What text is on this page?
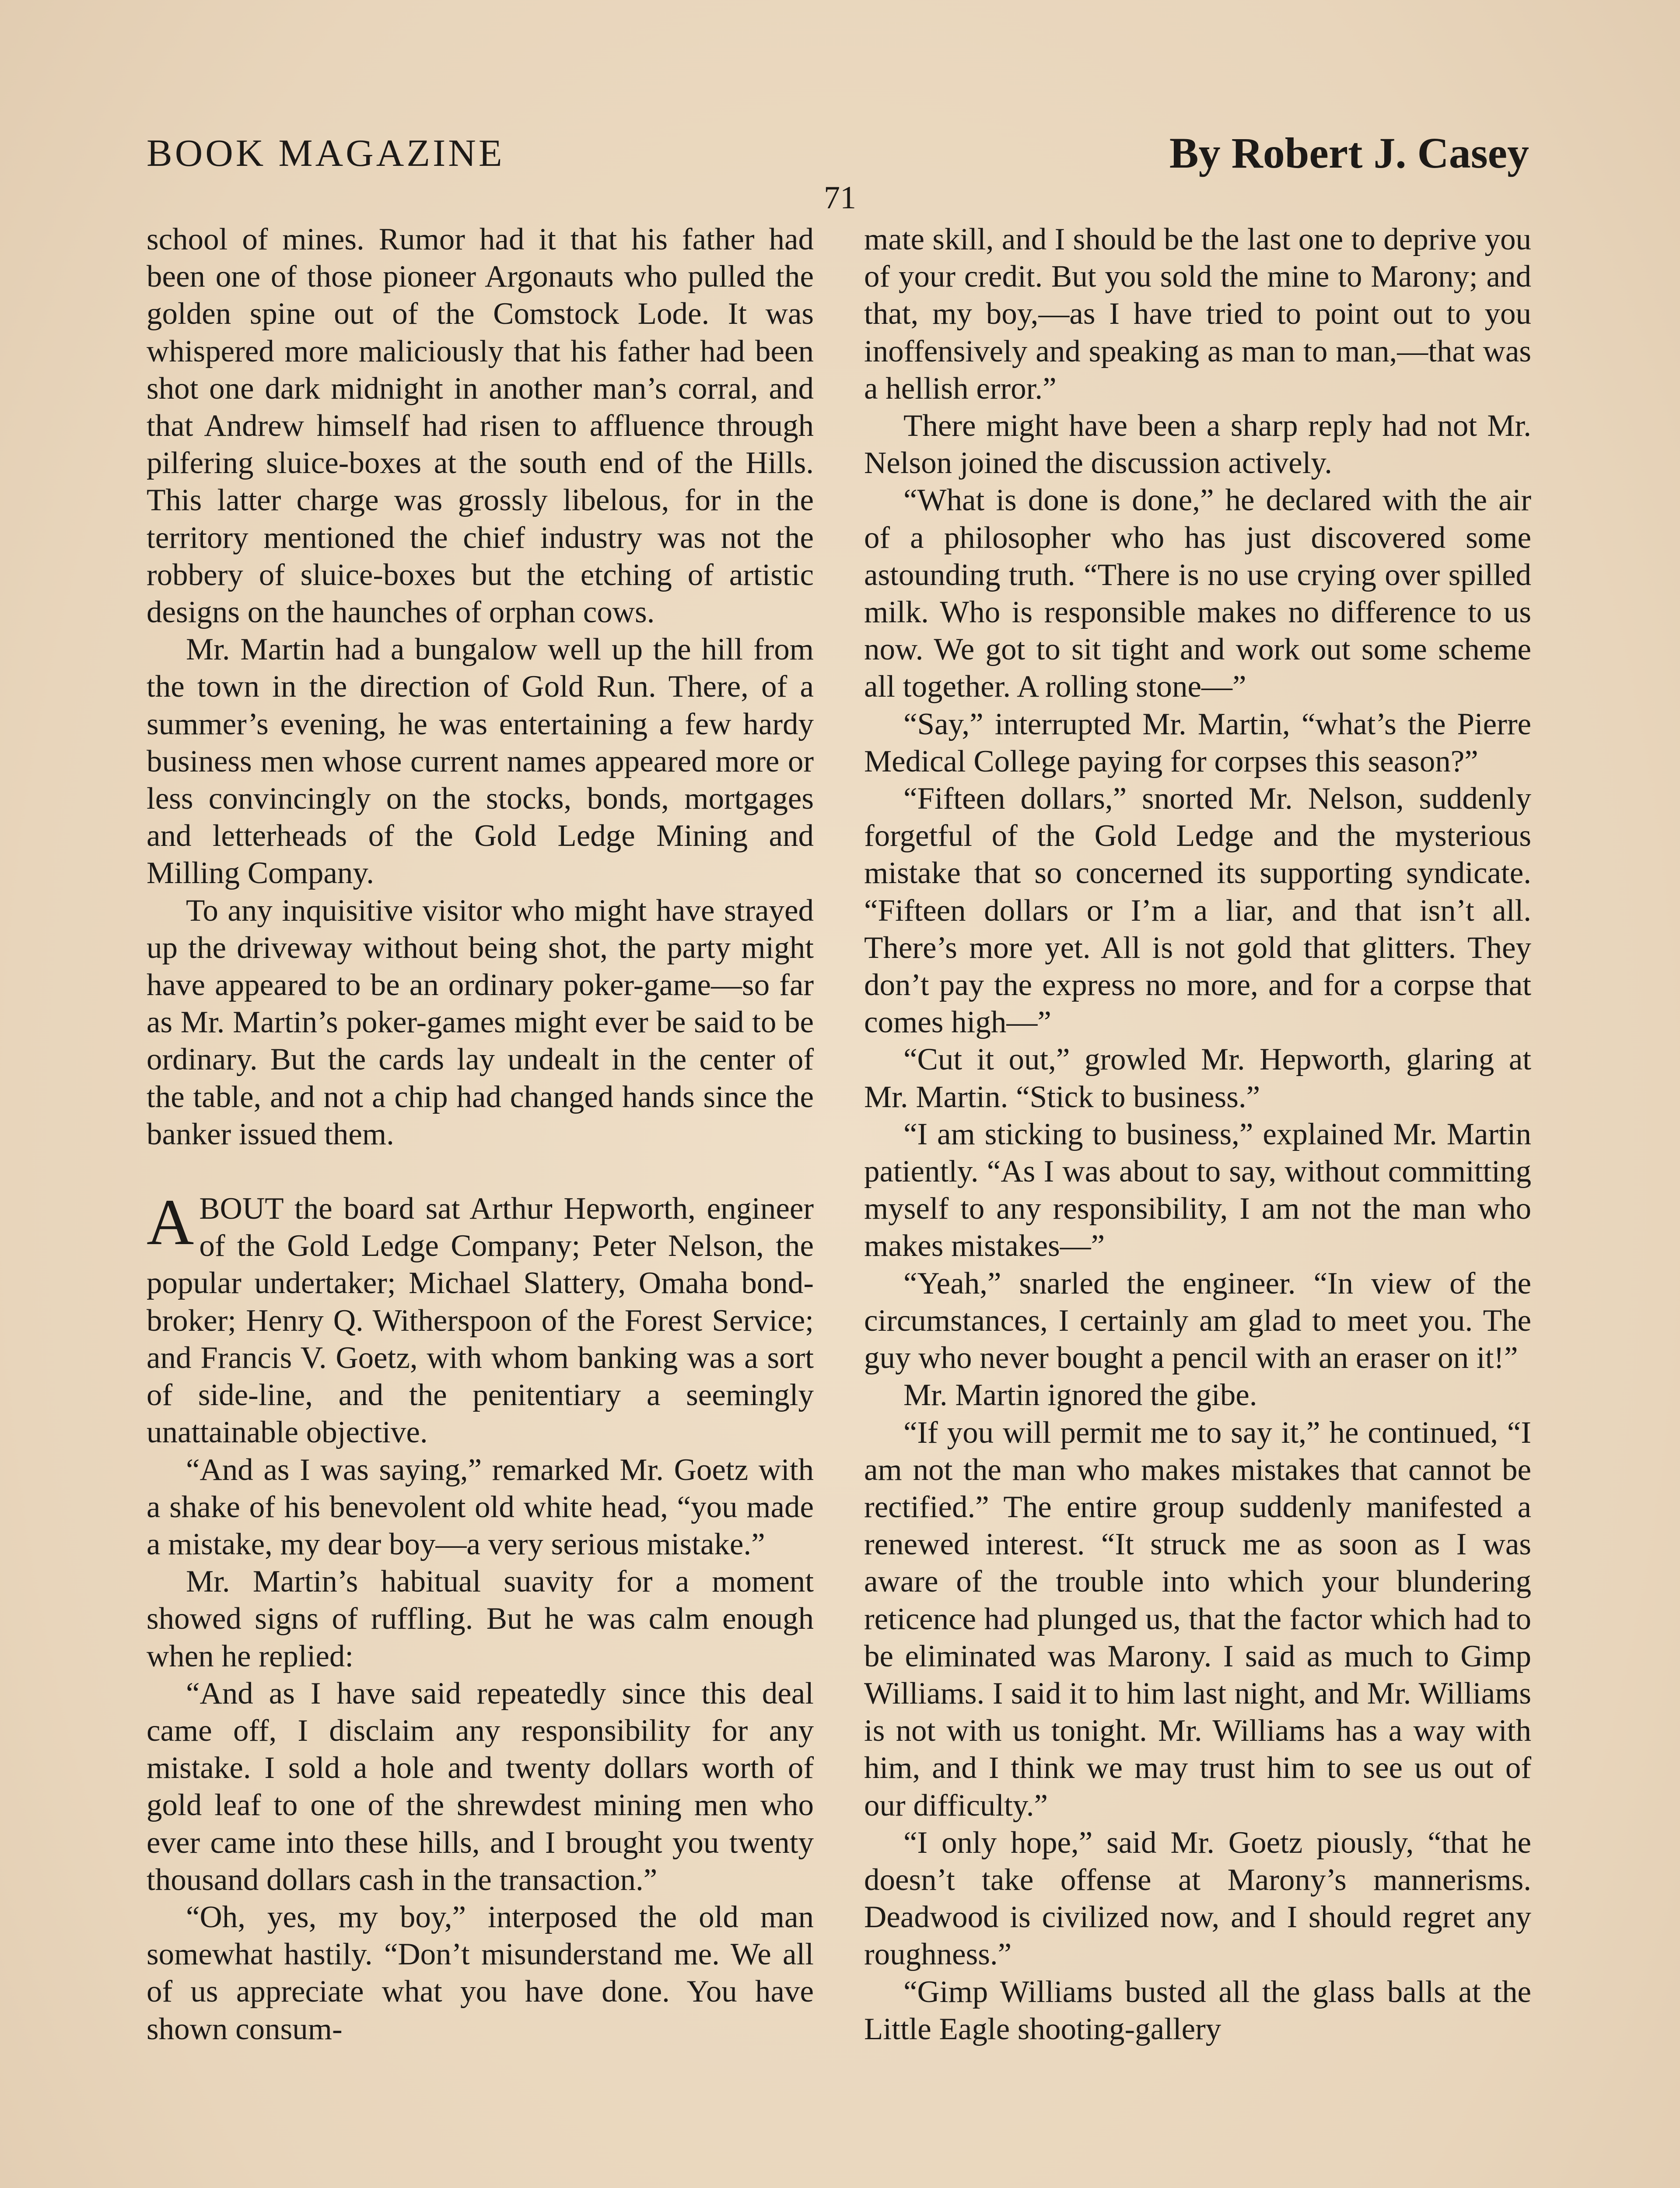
BOOK MAGAZINE	By Robert J. Casey
71

school of mines. Rumor had it that his father had been one of those pioneer Argonauts who pulled the golden spine out of the Comstock Lode. It was whispered more maliciously that his father had been shot one dark midnight in another man’s corral, and that Andrew himself had risen to affluence through pilfering sluice-boxes at the south end of the Hills. This latter charge was grossly libelous, for in the territory mentioned the chief industry was not the robbery of sluice-boxes but the etching of artistic designs on the haunches of orphan cows.

Mr. Martin had a bungalow well up the hill from the town in the direction of Gold Run. There, of a summer’s evening, he was entertaining a few hardy business men whose current names appeared more or less convincingly on the stocks, bonds, mortgages and letterheads of the Gold Ledge Mining and Milling Company.

To any inquisitive visitor who might have strayed up the driveway without being shot, the party might have appeared to be an ordinary poker-game—so far as Mr. Martin’s poker-games might ever be said to be ordinary. But the cards lay undealt in the center of the table, and not a chip had changed hands since the banker issued them.

ABOUT the board sat Arthur Hepworth, engineer of the Gold Ledge Company; Peter Nelson, the popular undertaker; Michael Slattery, Omaha bond-broker; Henry Q. Witherspoon of the Forest Service; and Francis V. Goetz, with whom banking was a sort of side-line, and the penitentiary a seemingly unattainable objective.

“And as I was saying,” remarked Mr. Goetz with a shake of his benevolent old white head, “you made a mistake, my dear boy—a very serious mistake.”

Mr. Martin’s habitual suavity for a moment showed signs of ruffling. But he was calm enough when he replied:

“And as I have said repeatedly since this deal came off, I disclaim any responsibility for any mistake. I sold a hole and twenty dollars worth of gold leaf to one of the shrewdest mining men who ever came into these hills, and I brought you twenty thousand dollars cash in the transaction.”

“Oh, yes, my boy,” interposed the old man somewhat hastily. “Don’t misunderstand me. We all of us appreciate what you have done. You have shown consum-

mate skill, and I should be the last one to deprive you of your credit. But you sold the mine to Marony; and that, my boy,—as I have tried to point out to you inoffensively and speaking as man to man,—that was a hellish error.”

There might have been a sharp reply had not Mr. Nelson joined the discussion actively.

“What is done is done,” he declared with the air of a philosopher who has just discovered some astounding truth. “There is no use crying over spilled milk. Who is responsible makes no difference to us now. We got to sit tight and work out some scheme all together. A rolling stone—”

“Say,” interrupted Mr. Martin, “what’s the Pierre Medical College paying for corpses this season?”

“Fifteen dollars,” snorted Mr. Nelson, suddenly forgetful of the Gold Ledge and the mysterious mistake that so concerned its supporting syndicate. “Fifteen dollars or I’m a liar, and that isn’t all. There’s more yet. All is not gold that glitters. They don’t pay the express no more, and for a corpse that comes high—”

“Cut it out,” growled Mr. Hepworth, glaring at Mr. Martin. “Stick to business.”

“I am sticking to business,” explained Mr. Martin patiently. “As I was about to say, without committing myself to any responsibility, I am not the man who makes mistakes—”

“Yeah,” snarled the engineer. “In view of the circumstances, I certainly am glad to meet you. The guy who never bought a pencil with an eraser on it!”

Mr. Martin ignored the gibe.

“If you will permit me to say it,” he continued, “I am not the man who makes mistakes that cannot be rectified.” The entire group suddenly manifested a renewed interest. “It struck me as soon as I was aware of the trouble into which your blundering reticence had plunged us, that the factor which had to be eliminated was Marony. I said as much to Gimp Williams. I said it to him last night, and Mr. Williams is not with us tonight. Mr. Williams has a way with him, and I think we may trust him to see us out of our difficulty.”

“I only hope,” said Mr. Goetz piously, “that he doesn’t take offense at Marony’s mannerisms. Deadwood is civilized now, and I should regret any roughness.”

“Gimp Williams busted all the glass balls at the Little Eagle shooting-gallery
